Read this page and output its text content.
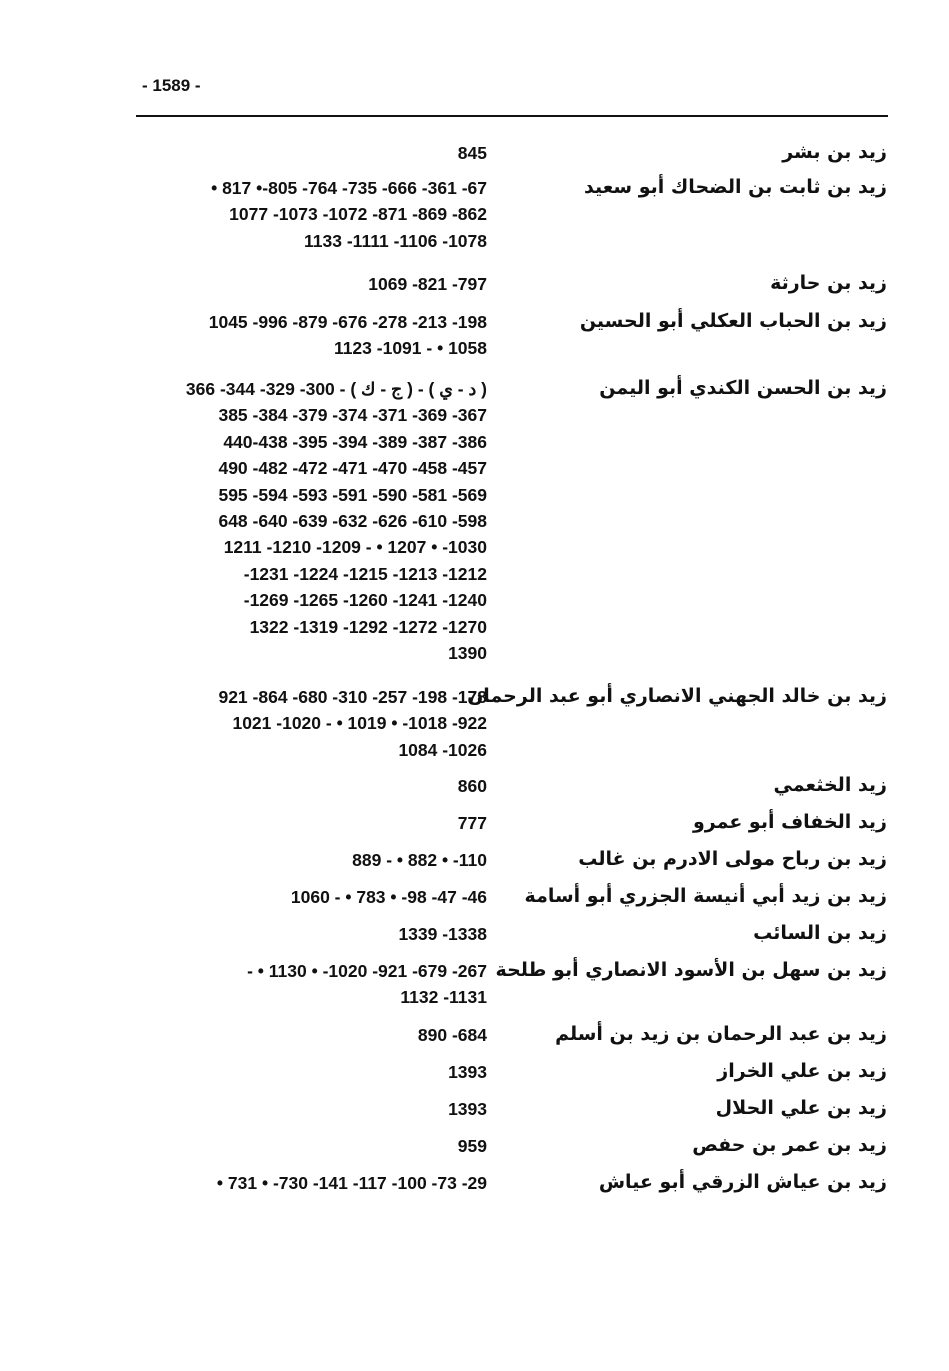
- 1589 -
زيد بن بشر
845
زيد بن ثابت بن الضحاك أبو سعيد
• 817 •-805 -764 -735 -666 -361 -67
1077 -1073 -1072 -871 -869 -862
1133 -1111 -1106 -1078
زيد بن حارثة
1069 -821 -797
زيد بن الحباب العكلي أبو الحسين
1045 -996 -879 -676 -278 -213 -198
1123 -1091 - • 1058
زيد بن الحسن الكندي أبو اليمن
366 -344 -329 -300 - ( ج - ك ) - ( د - ي )
385 -384 -379 -374 -371 -369 -367
440-438 -395 -394 -389 -387 -386
490 -482 -472 -471 -470 -458 -457
595 -594 -593 -591 -590 -581 -569
648 -640 -639 -632 -626 -610 -598
1211 -1210 -1209 - • 1207 • -1030
-1231 -1224 -1215 -1213 -1212
-1269 -1265 -1260 -1241 -1240
1322 -1319 -1292 -1272 -1270
1390
زيد بن خالد الجهني الانصاري أبو عبد الرحمان
921 -864 -680 -310 -257 -198 -178
1021 -1020 - • 1019 • -1018 -922
1084 -1026
زيد الخثعمي
860
زيد الخفاف أبو عمرو
777
زيد بن رباح مولى الادرم بن غالب
889 - • 882 • -110
زيد بن زيد أبي أنيسة الجزري أبو أسامة
1060 - • 783 • -98 -47 -46
زيد بن السائب
1339 -1338
زيد بن سهل بن الأسود الانصاري أبو طلحة
- • 1130 • -1020 -921 -679 -267
1132 -1131
زيد بن عبد الرحمان بن زيد بن أسلم
890 -684
زيد بن علي الخراز
1393
زيد بن علي الحلال
1393
زيد بن عمر بن حفص
959
زيد بن عياش الزرقي أبو عياش
• 731 • -730 -141 -117 -100 -73 -29
